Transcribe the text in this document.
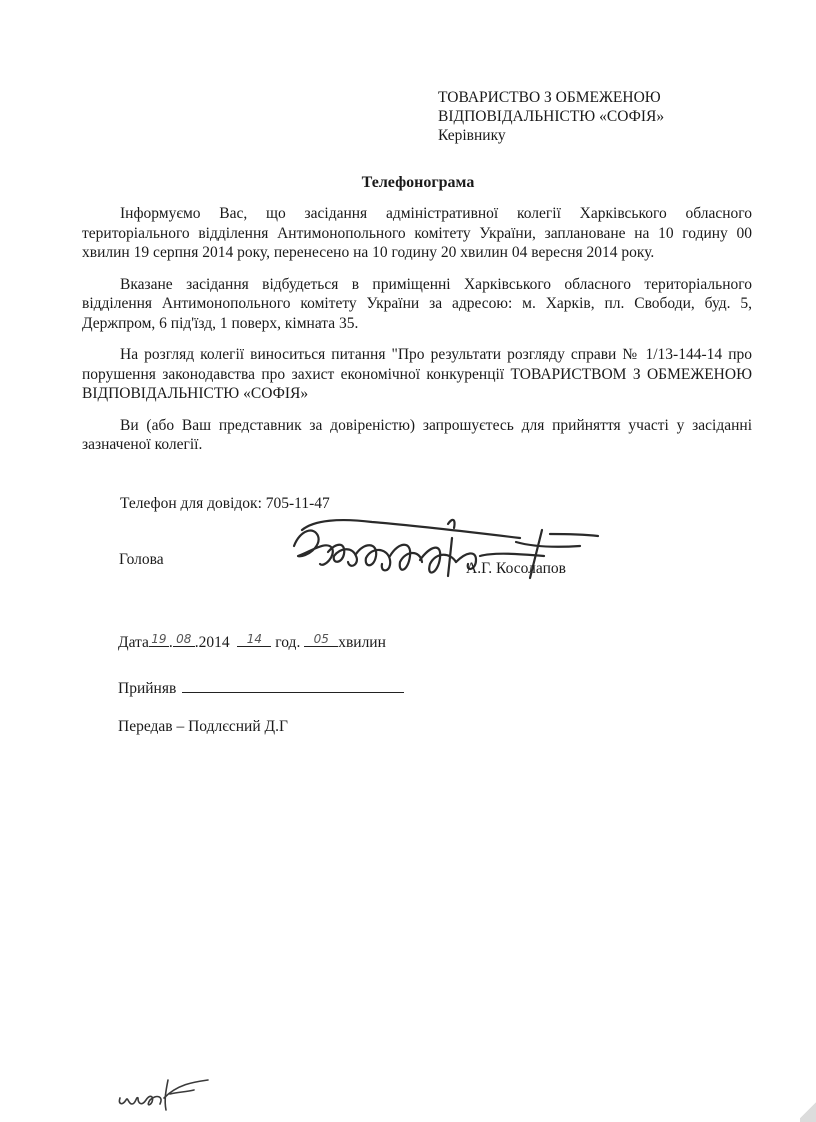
ТОВАРИСТВО З ОБМЕЖЕНОЮ
ВІДПОВІДАЛЬНІСТЮ «СОФІЯ»
Керівнику
Телефонограма

Інформуємо Вас, що засідання адміністративної колегії Харківського обласного територіального відділення Антимонопольного комітету України, заплановане на 10 годину 00 хвилин 19 серпня 2014 року, перенесено на 10 годину 20 хвилин 04 вересня 2014 року.

Вказане засідання відбудеться в приміщенні Харківського обласного територіального відділення Антимонопольного комітету України за адресою: м. Харків, пл. Свободи, буд. 5, Держпром, 6 під'їзд, 1 поверх, кімната 35.

На розгляд колегії виноситься питання "Про результати розгляду справи № 1/13-144-14 про порушення законодавства про захист економічної конкуренції ТОВАРИСТВОМ З ОБМЕЖЕНОЮ ВІДПОВІДАЛЬНІСТЮ «СОФІЯ»

Ви (або Ваш представник за довіреністю) запрошуєтесь для прийняття участі у засіданні зазначеної колегії.

Телефон для довідок: 705-11-47
Голова
А.Г. Косолапов
Дата 19 . 08 .2014	14 год.	05 хвилин
Прийняв
Передав – Подлєсний Д.Г
